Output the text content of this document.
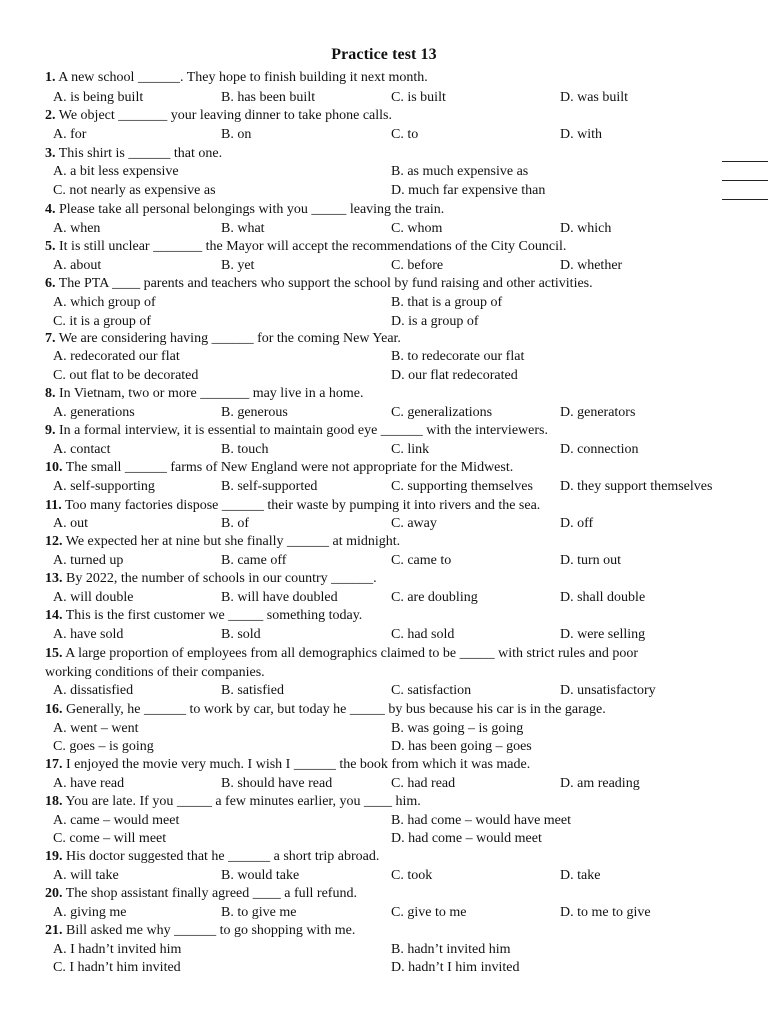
Practice test 13
1. A new school ______. They hope to finish building it next month.
A. is being built	B. has been built	C. is built	D. was built
2. We object _______ your leaving dinner to take phone calls.
A. for	B. on	C. to	D. with
3. This shirt is ______ that one.
A. a bit less expensive	B. as much expensive as
C. not nearly as expensive as	D. much far expensive than
4. Please take all personal belongings with you _____ leaving the train.
A. when	B. what	C. whom	D. which
5. It is still unclear _______ the Mayor will accept the recommendations of the City Council.
A. about	B. yet	C. before	D. whether
6. The PTA ____ parents and teachers who support the school by fund raising and other activities.
A. which group of	B. that is a group of
C. it is a group of	D. is a group of
7. We are considering having ______ for the coming New Year.
A. redecorated our flat	B. to redecorate our flat
C. out flat to be decorated	D. our flat redecorated
8. In Vietnam, two or more _______ may live in a home.
A. generations	B. generous	C. generalizations	D. generators
9. In a formal interview, it is essential to maintain good eye ______ with the interviewers.
A. contact	B. touch	C. link	D. connection
10. The small ______ farms of New England were not appropriate for the Midwest.
A. self-supporting	B. self-supported	C. supporting themselves D. they support themselves
11. Too many factories dispose ______ their waste by pumping it into rivers and the sea.
A. out	B. of	C. away	D. off
12. We expected her at nine but she finally ______ at midnight.
A. turned up	B. came off	C. came to	D. turn out
13. By 2022, the number of schools in our country ______.
A. will double	B. will have doubled	C. are doubling	D. shall double
14. This is the first customer we _____ something today.
A. have sold	B. sold	C. had sold	D. were selling
15. A large proportion of employees from all demographics claimed to be _____ with strict rules and poor
working conditions of their companies.
A. dissatisfied	B. satisfied	C. satisfaction	D. unsatisfactory
16. Generally, he ______ to work by car, but today he _____ by bus because his car is in the garage.
A. went – went	B. was going – is going
C. goes – is going	D. has been going – goes
17. I enjoyed the movie very much. I wish I ______ the book from which it was made.
A. have read	B. should have read	C. had read	D. am reading
18. You are late. If you _____ a few minutes earlier, you ____ him.
A. came – would meet	B. had come – would have meet
C. come – will meet	D. had come – would meet
19. His doctor suggested that he ______ a short trip abroad.
A. will take	B. would take	C. took	D. take
20. The shop assistant finally agreed ____ a full refund.
A. giving me	B. to give me	C. give to me	D. to me to give
21. Bill asked me why ______ to go shopping with me.
A. I hadn’t invited him	B. hadn’t invited him
C. I hadn’t him invited	D. hadn’t I him invited
